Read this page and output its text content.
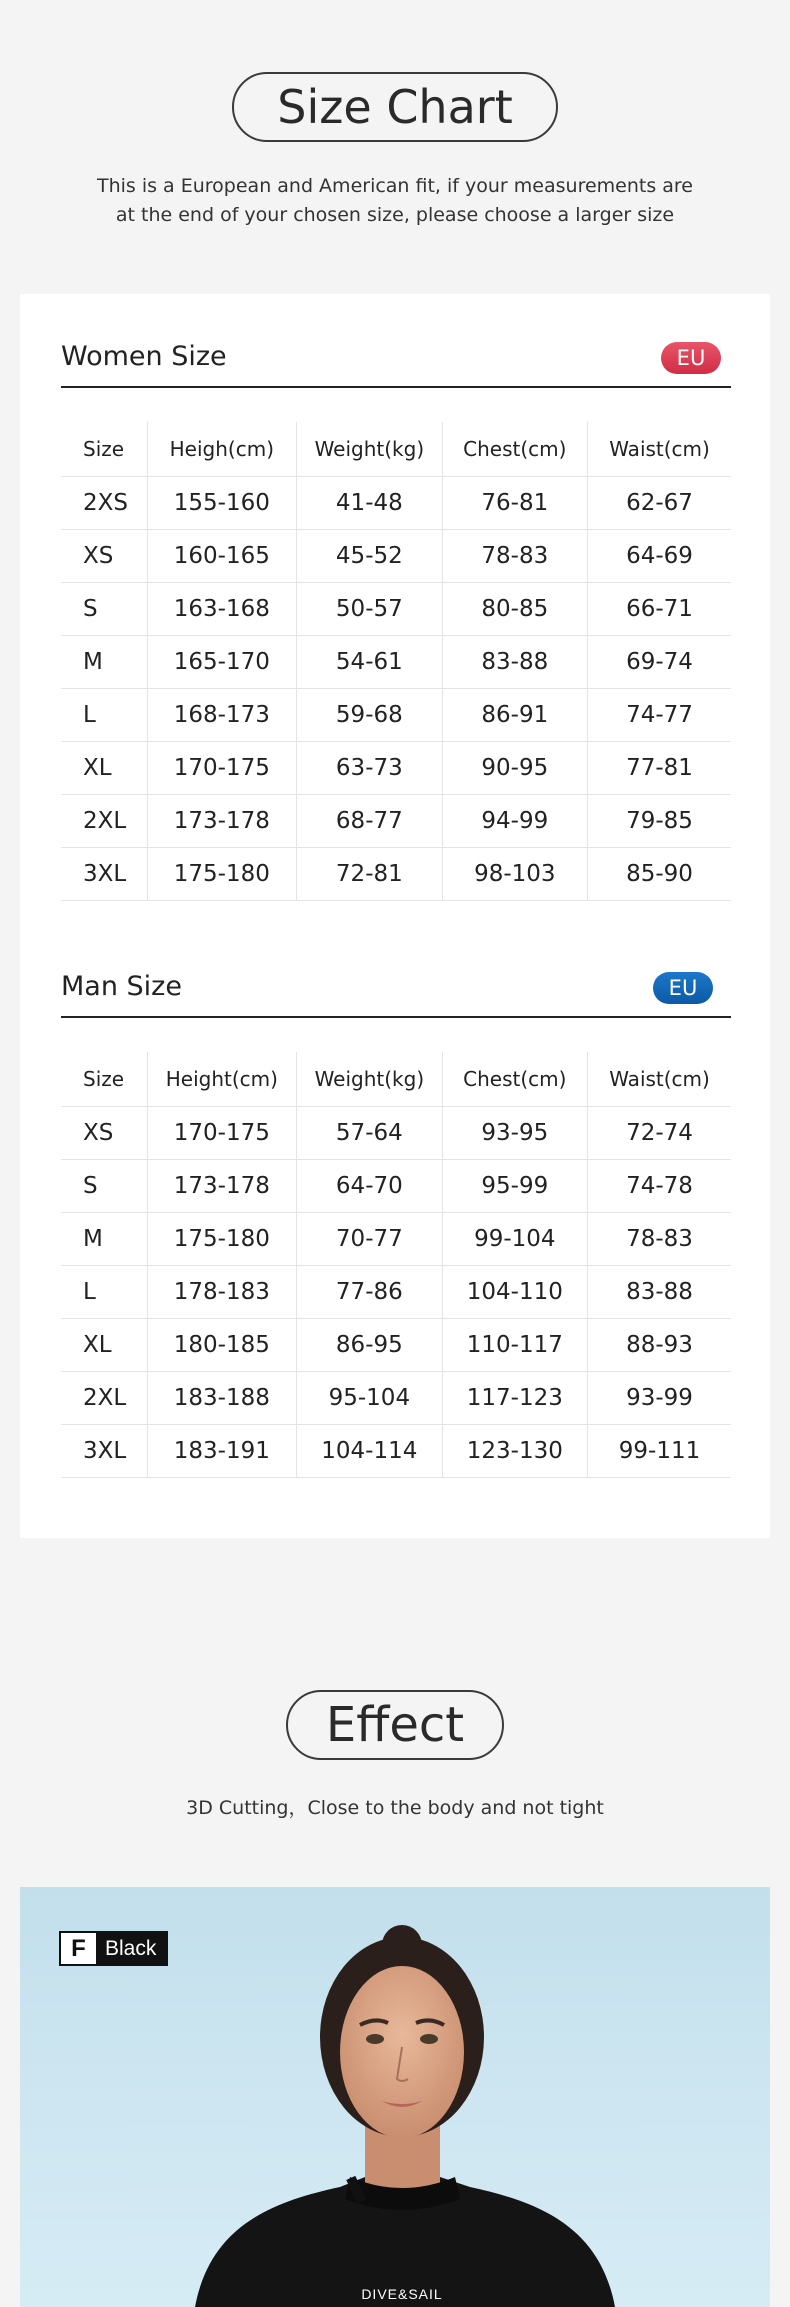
Size Chart
This is a European and American fit, if your measurements are
at the end of your chosen size, please choose a larger size
Women Size	EU
Size	Heigh(cm)	Weight(kg)	Chest(cm)	Waist(cm)
2XS	155-160	41-48	76-81	62-67
XS	160-165	45-52	78-83	64-69
S	163-168	50-57	80-85	66-71
M	165-170	54-61	83-88	69-74
L	168-173	59-68	86-91	74-77
XL	170-175	63-73	90-95	77-81
2XL	173-178	68-77	94-99	79-85
3XL	175-180	72-81	98-103	85-90
Man Size	EU
Size	Height(cm)	Weight(kg)	Chest(cm)	Waist(cm)
XS	170-175	57-64	93-95	72-74
S	173-178	64-70	95-99	74-78
M	175-180	70-77	99-104	78-83
L	178-183	77-86	104-110	83-88
XL	180-185	86-95	110-117	88-93
2XL	183-188	95-104	117-123	93-99
3XL	183-191	104-114	123-130	99-111
Effect
3D Cutting，Close to the body and not tight
DIVE&SAIL
F Black
